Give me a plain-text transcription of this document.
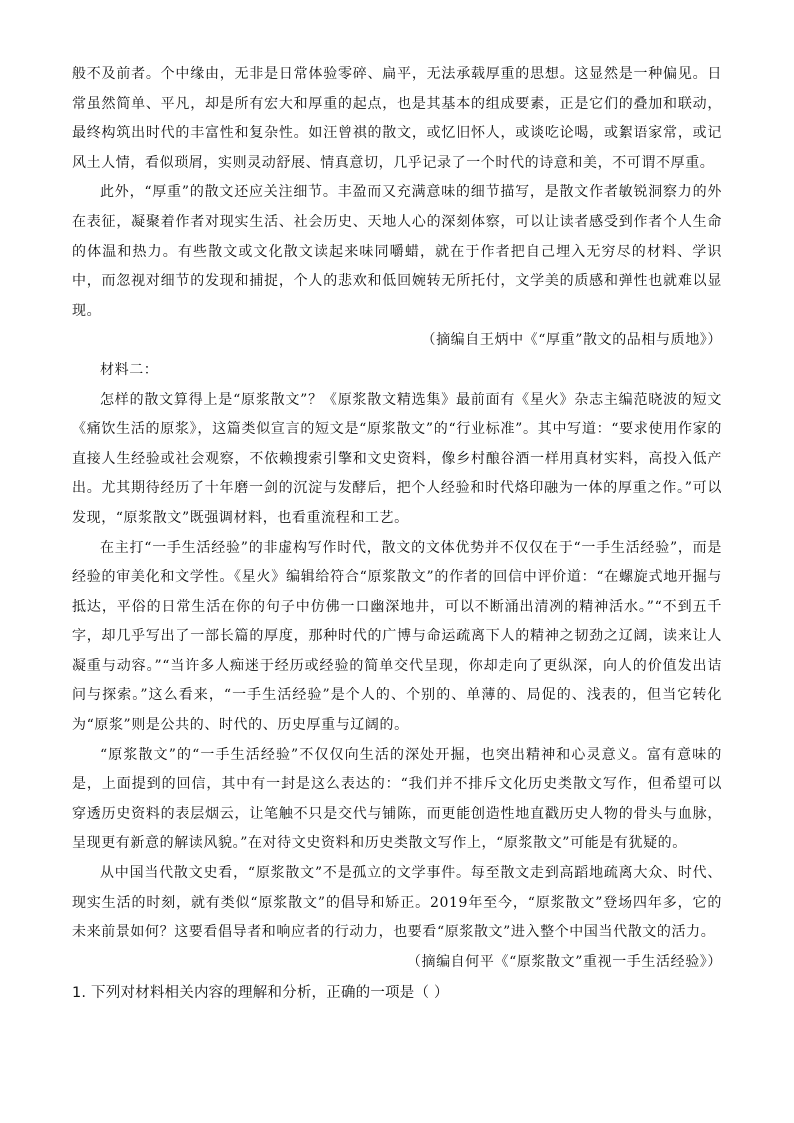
般不及前者。个中缘由，无非是日常体验零碎、扁平，无法承载厚重的思想。这显然是一种偏见。日常虽然简单、平凡，却是所有宏大和厚重的起点，也是其基本的组成要素，正是它们的叠加和联动，最终构筑出时代的丰富性和复杂性。如汪曾祺的散文，或忆旧怀人，或谈吃论喝，或絮语家常，或记风土人情，看似琐屑，实则灵动舒展、情真意切，几乎记录了一个时代的诗意和美，不可谓不厚重。

此外，“厚重”的散文还应关注细节。丰盈而又充满意味的细节描写，是散文作者敏锐洞察力的外在表征，凝聚着作者对现实生活、社会历史、天地人心的深刻体察，可以让读者感受到作者个人生命的体温和热力。有些散文或文化散文读起来味同嚼蜡，就在于作者把自己埋入无穷尽的材料、学识中，而忽视对细节的发现和捕捉，个人的悲欢和低回婉转无所托付，文学美的质感和弹性也就难以显现。

（摘编自王炳中《“厚重”散文的品相与质地》）

材料二：

怎样的散文算得上是“原浆散文”？《原浆散文精选集》最前面有《星火》杂志主编范晓波的短文《痛饮生活的原浆》，这篇类似宣言的短文是“原浆散文”的“行业标准”。其中写道：“要求使用作家的直接人生经验或社会观察，不依赖搜索引擎和文史资料，像乡村酿谷酒一样用真材实料，高投入低产出。尤其期待经历了十年磨一剑的沉淀与发酵后，把个人经验和时代烙印融为一体的厚重之作。”可以发现，“原浆散文”既强调材料，也看重流程和工艺。

在主打“一手生活经验”的非虚构写作时代，散文的文体优势并不仅仅在于“一手生活经验”，而是经验的审美化和文学性。《星火》编辑给符合“原浆散文”的作者的回信中评价道：“在螺旋式地开掘与抵达，平俗的日常生活在你的句子中仿佛一口幽深地井，可以不断涌出清冽的精神活水。”“不到五千字，却几乎写出了一部长篇的厚度，那种时代的广博与命运疏离下人的精神之韧劲之辽阔，读来让人凝重与动容。”“当许多人痴迷于经历或经验的简单交代呈现，你却走向了更纵深，向人的价值发出诘问与探索。”这么看来，“一手生活经验”是个人的、个别的、单薄的、局促的、浅表的，但当它转化为“原浆”则是公共的、时代的、历史厚重与辽阔的。

“原浆散文”的“一手生活经验”不仅仅向生活的深处开掘，也突出精神和心灵意义。富有意味的是，上面提到的回信，其中有一封是这么表达的：“我们并不排斥文化历史类散文写作，但希望可以穿透历史资料的表层烟云，让笔触不只是交代与铺陈，而更能创造性地直戳历史人物的骨头与血脉，呈现更有新意的解读风貌。”在对待文史资料和历史类散文写作上，“原浆散文”可能是有犹疑的。

从中国当代散文史看，“原浆散文”不是孤立的文学事件。每至散文走到高蹈地疏离大众、时代、现实生活的时刻，就有类似“原浆散文”的倡导和矫正。2019年至今，“原浆散文”登场四年多，它的未来前景如何？这要看倡导者和响应者的行动力，也要看“原浆散文”进入整个中国当代散文的活力。

（摘编自何平《“原浆散文”重视一手生活经验》）

1. 下列对材料相关内容的理解和分析，正确的一项是（ ）
